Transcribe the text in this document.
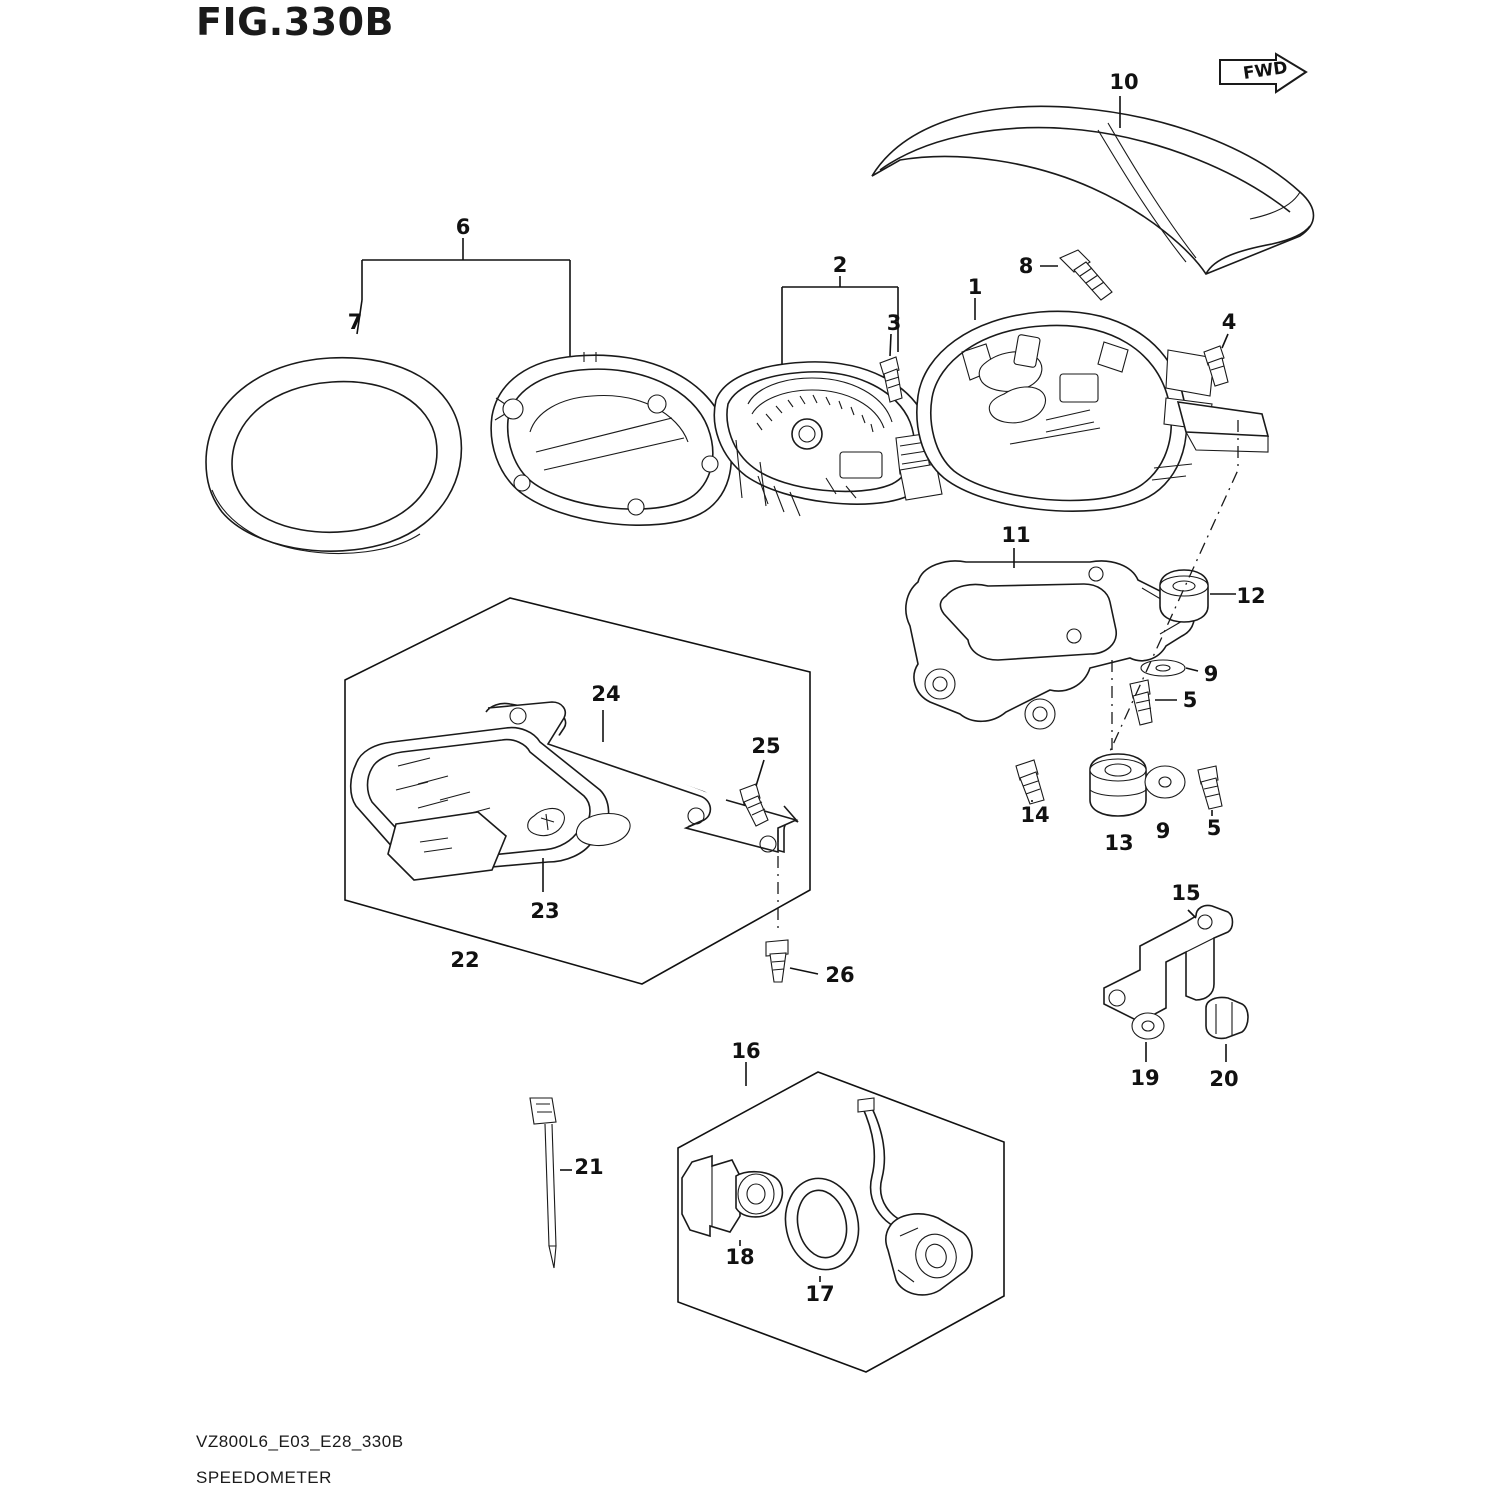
FIG.330B
FWD
1
2
3	4
5
5
6
7
8
9
9
10
11
12
13
14
15
16
17
18
19 20
21
22
23
24
25
26
VZ800L6_E03_E28_330B
SPEEDOMETER
